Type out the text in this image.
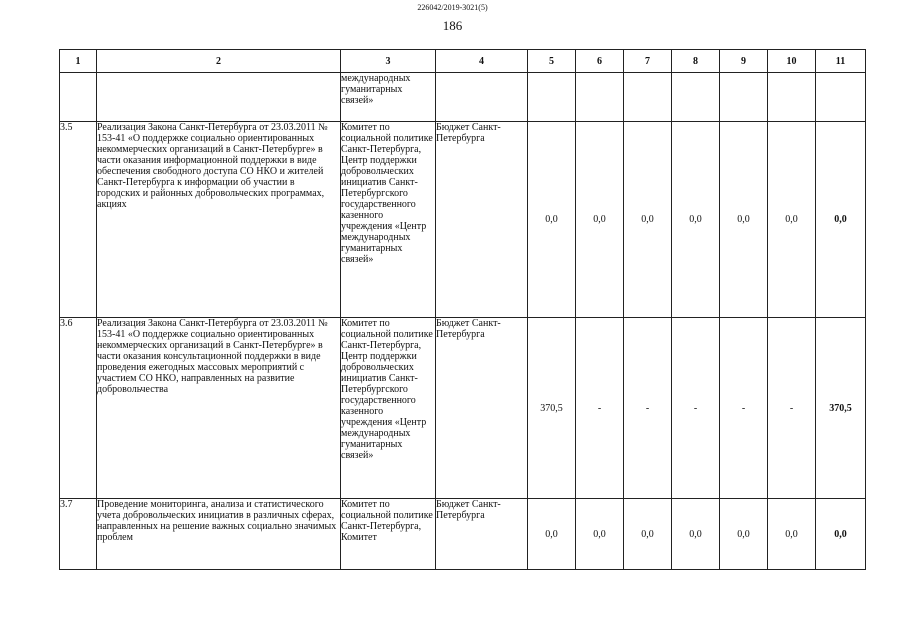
226042/2019-3021(5)
186
1	2	3	4	5	6	7	8	9	10	11
		международных гуманитарных связей»								
3.5	Реализация Закона Санкт-Петербурга от 23.03.2011 № 153-41 «О поддержке социально ориентированных некоммерческих организаций в Санкт-Петербурге» в части оказания информационной поддержки в виде обеспечения свободного доступа СО НКО и жителей Санкт-Петербурга к информации об участии в городских и районных добровольческих программах, акциях	Комитет по социальной политике Санкт-Петербурга, Центр поддержки добровольческих инициатив Санкт-Петербургского государственного казенного учреждения «Центр международных гуманитарных связей»	Бюджет Санкт-Петербурга	0,0	0,0	0,0	0,0	0,0	0,0	0,0
3.6	Реализация Закона Санкт-Петербурга от 23.03.2011 № 153-41 «О поддержке социально ориентированных некоммерческих организаций в Санкт-Петербурге» в части оказания консультационной поддержки в виде проведения ежегодных массовых мероприятий с участием СО НКО, направленных на развитие добровольчества	Комитет по социальной политике Санкт-Петербурга, Центр поддержки добровольческих инициатив Санкт-Петербургского государственного казенного учреждения «Центр международных гуманитарных связей»	Бюджет Санкт-Петербурга	370,5	-	-	-	-	-	370,5
3.7	Проведение мониторинга, анализа и статистического учета добровольческих инициатив в различных сферах, направленных на решение важных социально значимых проблем	Комитет по социальной политике Санкт-Петербурга, Комитет	Бюджет Санкт-Петербурга	0,0	0,0	0,0	0,0	0,0	0,0	0,0
